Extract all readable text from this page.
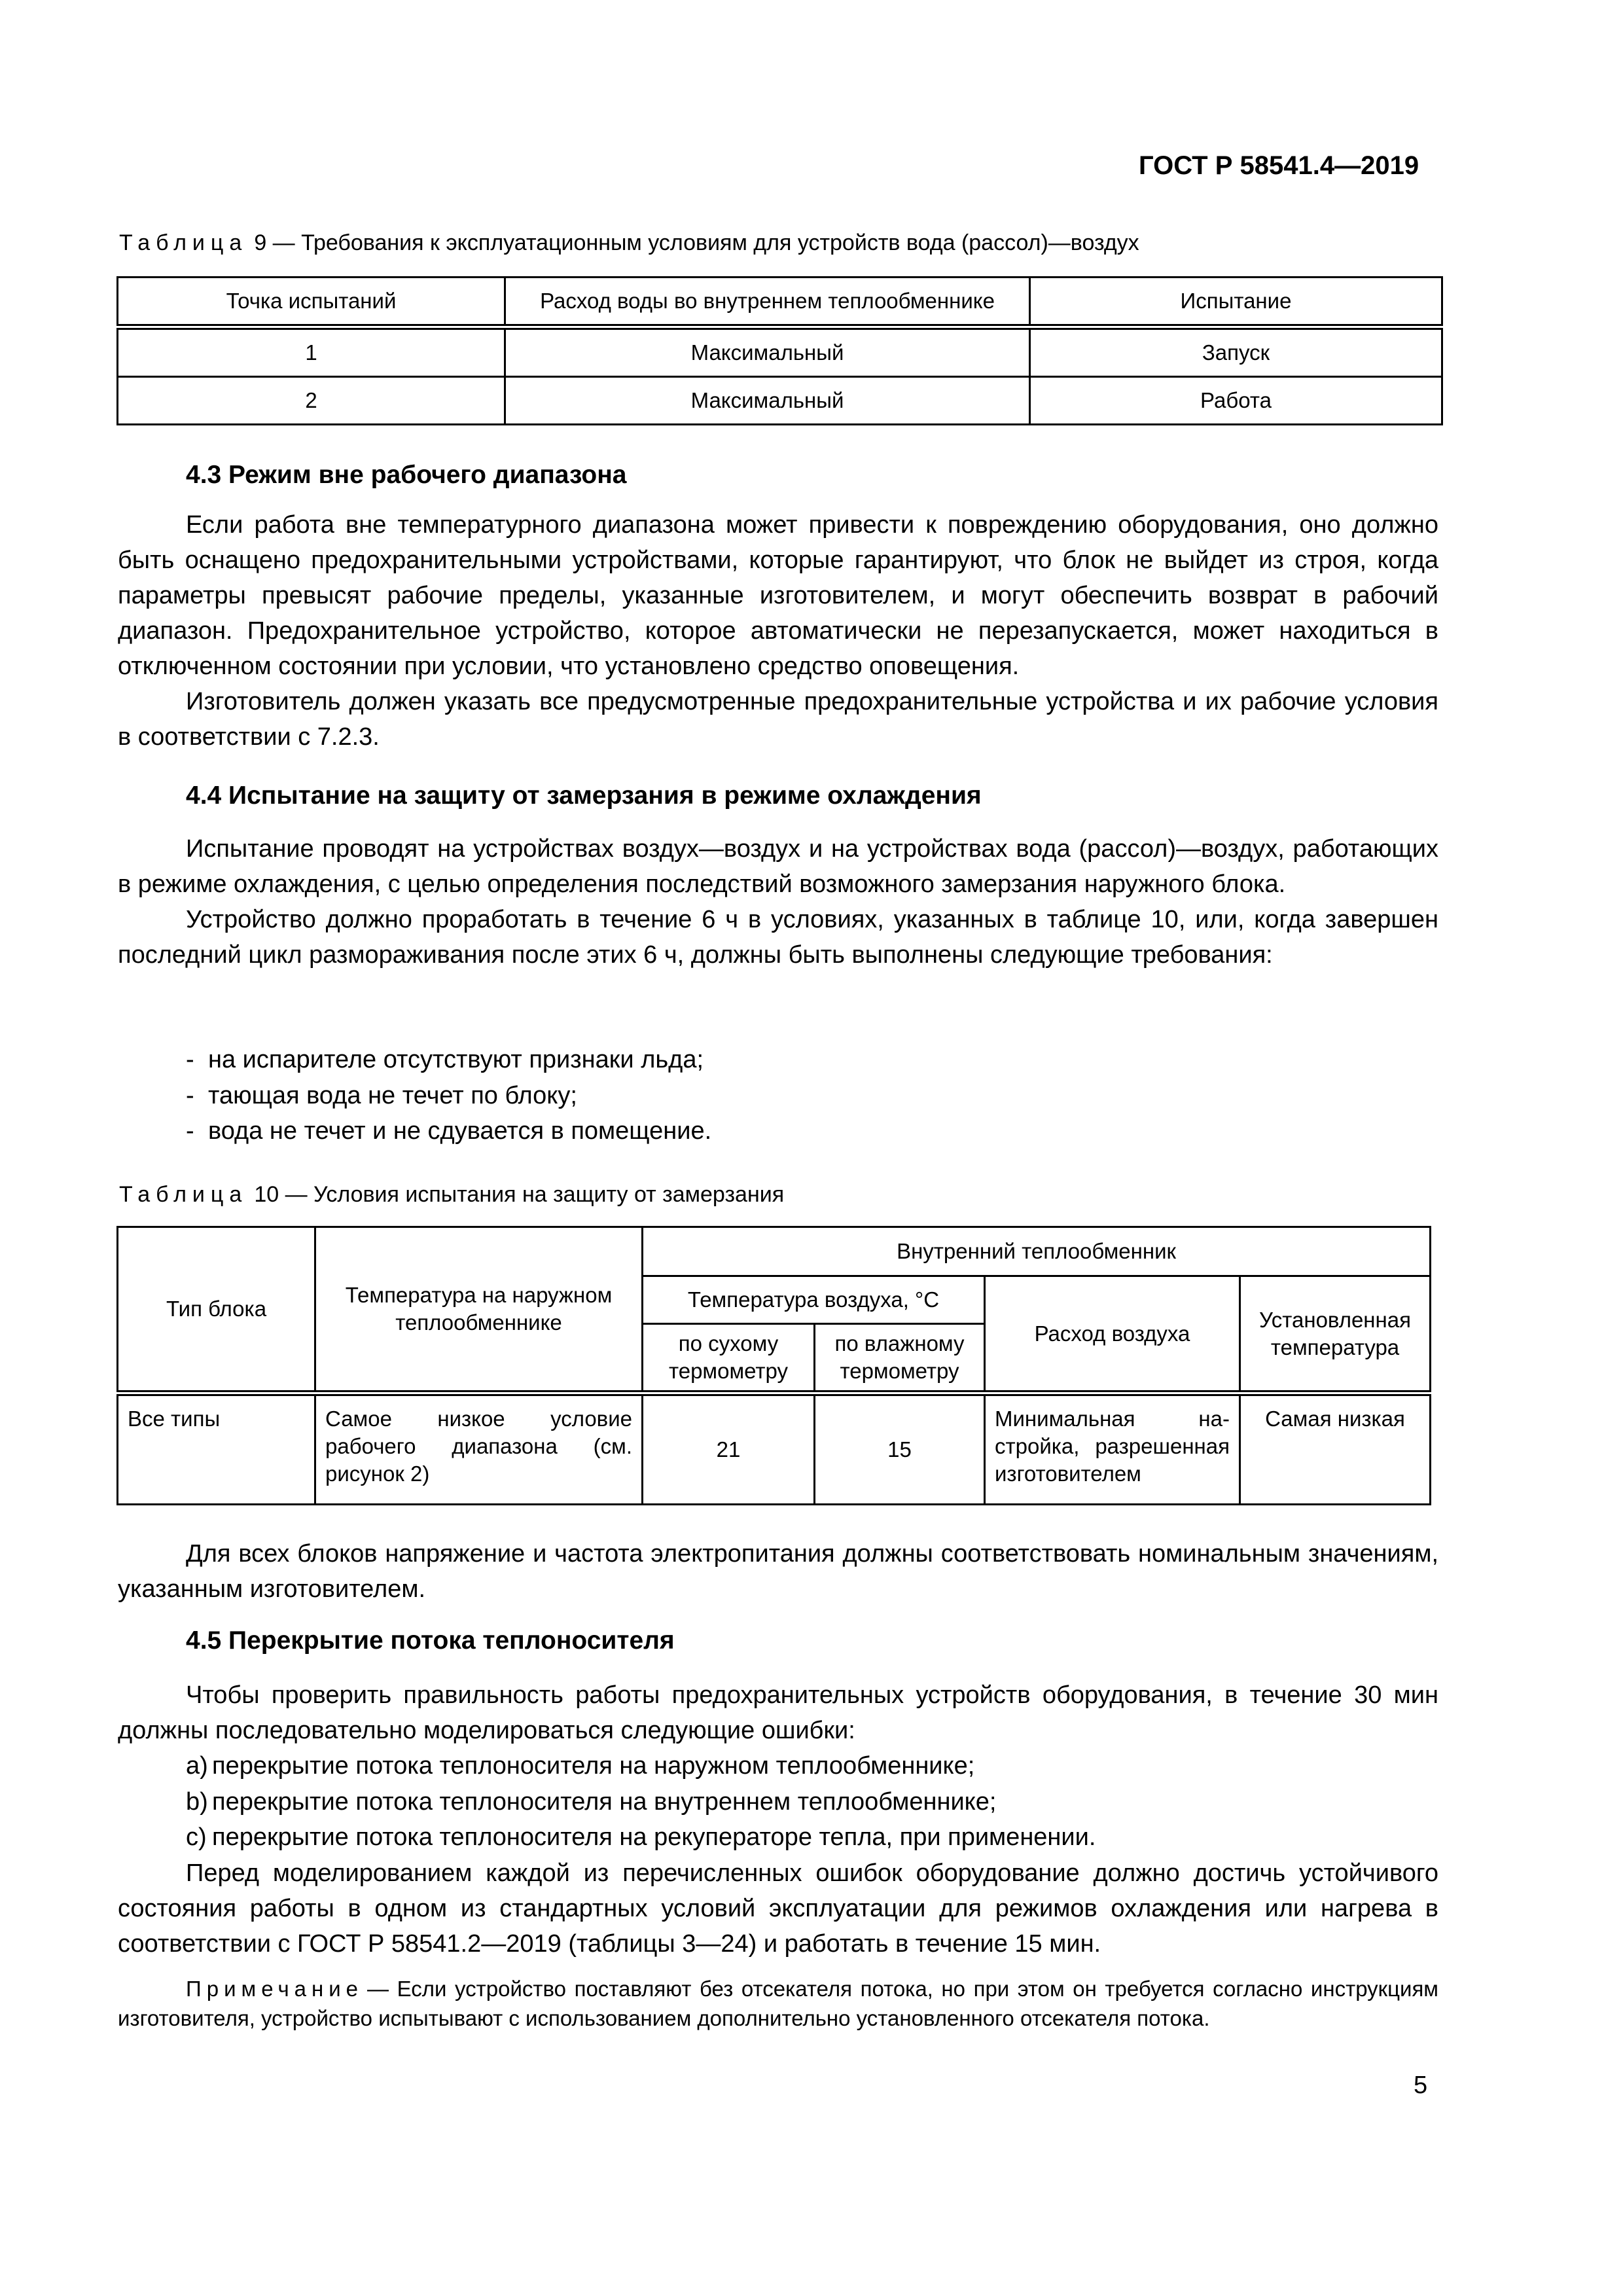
ГОСТ Р 58541.4—2019
Таблица 9 — Требования к эксплуатационным условиям для устройств вода (рассол)—воздух
Точка испытаний	Расход воды во внутреннем теплообменнике	Испытание
1	Максимальный	Запуск
2	Максимальный	Работа
4.3 Режим вне рабочего диапазона

Если работа вне температурного диапазона может привести к повреждению оборудования, оно должно быть оснащено предохранительными устройствами, которые гарантируют, что блок не выйдет из строя, когда параметры превысят рабочие пределы, указанные изготовителем, и могут обеспечить возврат в рабочий диапазон. Предохранительное устройство, которое автоматически не перезапускается, может находиться в отключенном состоянии при условии, что установлено средство оповещения.

Изготовитель должен указать все предусмотренные предохранительные устройства и их рабочие условия в соответствии с 7.2.3.

4.4 Испытание на защиту от замерзания в режиме охлаждения

Испытание проводят на устройствах воздух—воздух и на устройствах вода (рассол)—воздух, работающих в режиме охлаждения, с целью определения последствий возможного замерзания наружного блока.

Устройство должно проработать в течение 6 ч в условиях, указанных в таблице 10, или, когда завершен последний цикл размораживания после этих 6 ч, должны быть выполнены следующие требования:

- на испарителе отсутствуют признаки льда;
- тающая вода не течет по блоку;
- вода не течет и не сдувается в помещение.
Таблица 10 — Условия испытания на защиту от замерзания
Тип блока	Температура на наружном теплообменнике	Внутренний теплообменник			
		Температура воздуха, °С		Расход воздуха	Установленная температура
		по сухому термометру	по влажному термометру		
Все типы	Самое низкое условие рабочего диапазона (см. рисунок 2)	21	15	Минимальная настройка, разрешенная изготовителем	Самая низкая

Для всех блоков напряжение и частота электропитания должны соответствовать номинальным значениям, указанным изготовителем.

4.5 Перекрытие потока теплоносителя

Чтобы проверить правильность работы предохранительных устройств оборудования, в течение 30 мин должны последовательно моделироваться следующие ошибки:

a) перекрытие потока теплоносителя на наружном теплообменнике;
b) перекрытие потока теплоносителя на внутреннем теплообменнике;
c) перекрытие потока теплоносителя на рекуператоре тепла, при применении.

Перед моделированием каждой из перечисленных ошибок оборудование должно достичь устойчивого состояния работы в одном из стандартных условий эксплуатации для режимов охлаждения или нагрева в соответствии с ГОСТ Р 58541.2—2019 (таблицы 3—24) и работать в течение 15 мин.

Примечание — Если устройство поставляют без отсекателя потока, но при этом он требуется согласно инструкциям изготовителя, устройство испытывают с использованием дополнительно установленного отсекателя потока.

5
